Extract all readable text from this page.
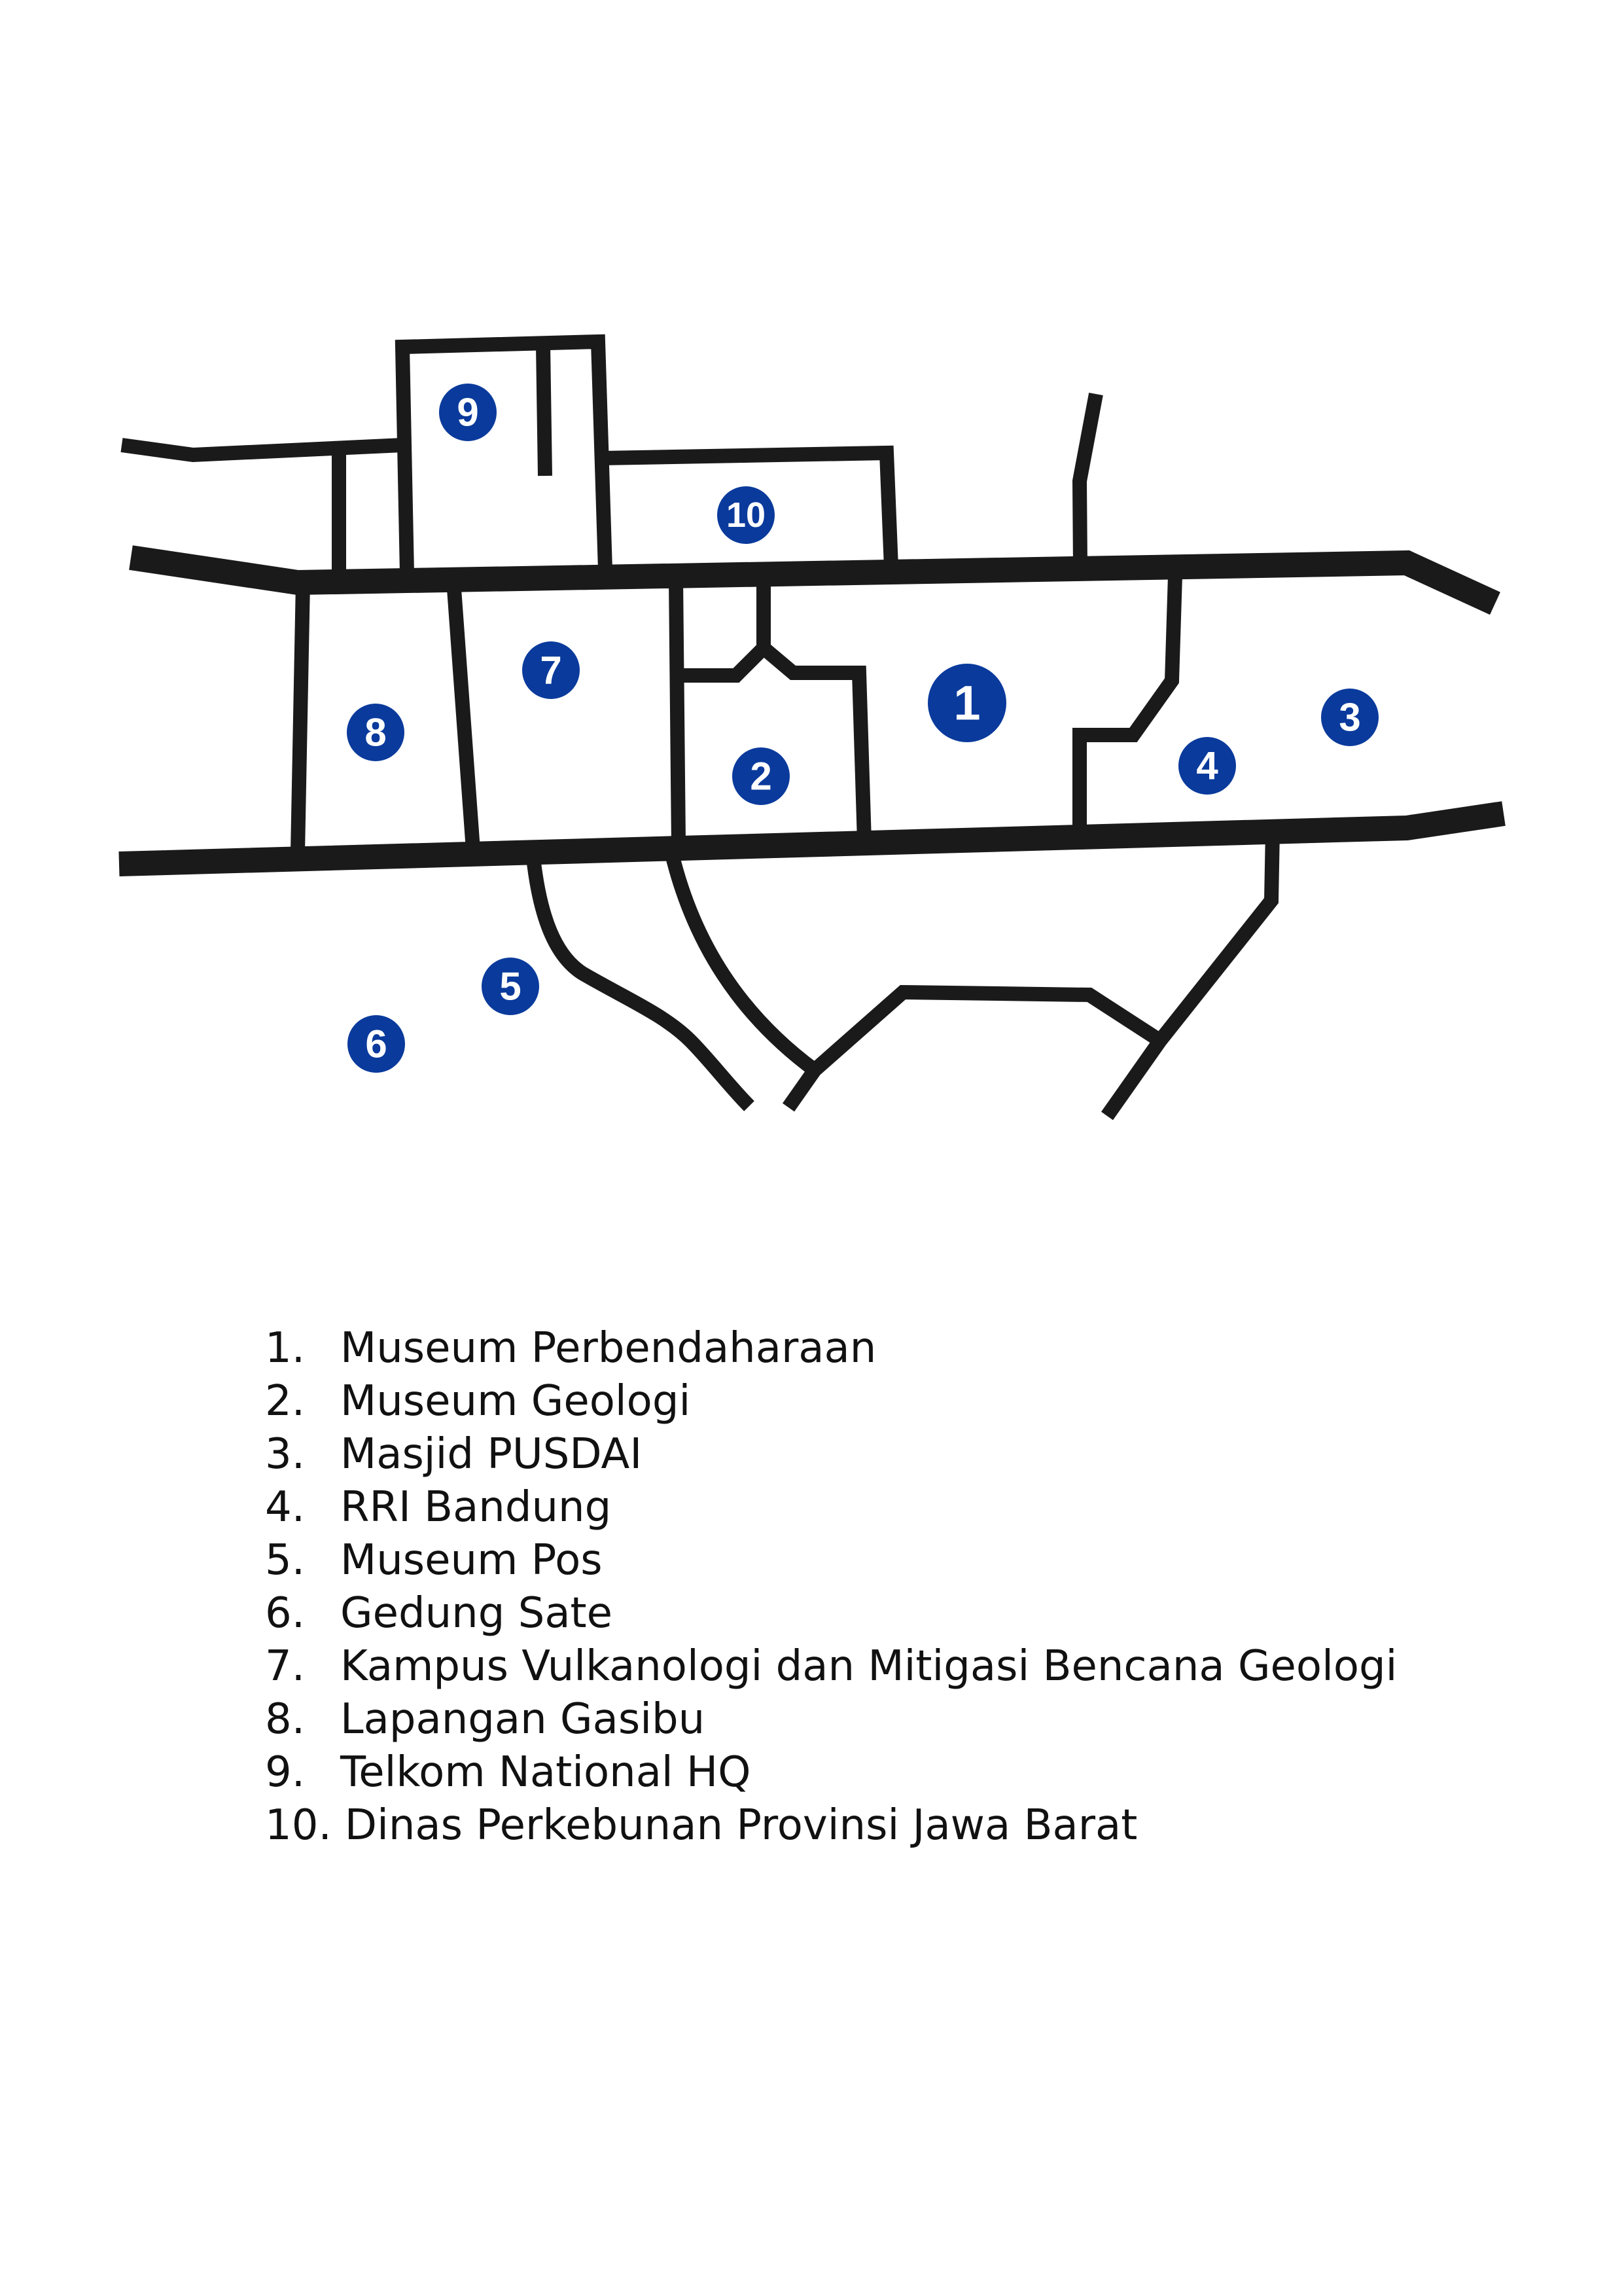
1
2
3
4
5
6
7
8
9
10
1. Museum Perbendaharaan
2. Museum Geologi
3. Masjid PUSDAI
4. RRI Bandung
5. Museum Pos
6. Gedung Sate
7. Kampus Vulkanologi dan Mitigasi Bencana Geologi
8. Lapangan Gasibu
9. Telkom National HQ
10. Dinas Perkebunan Provinsi Jawa Barat
